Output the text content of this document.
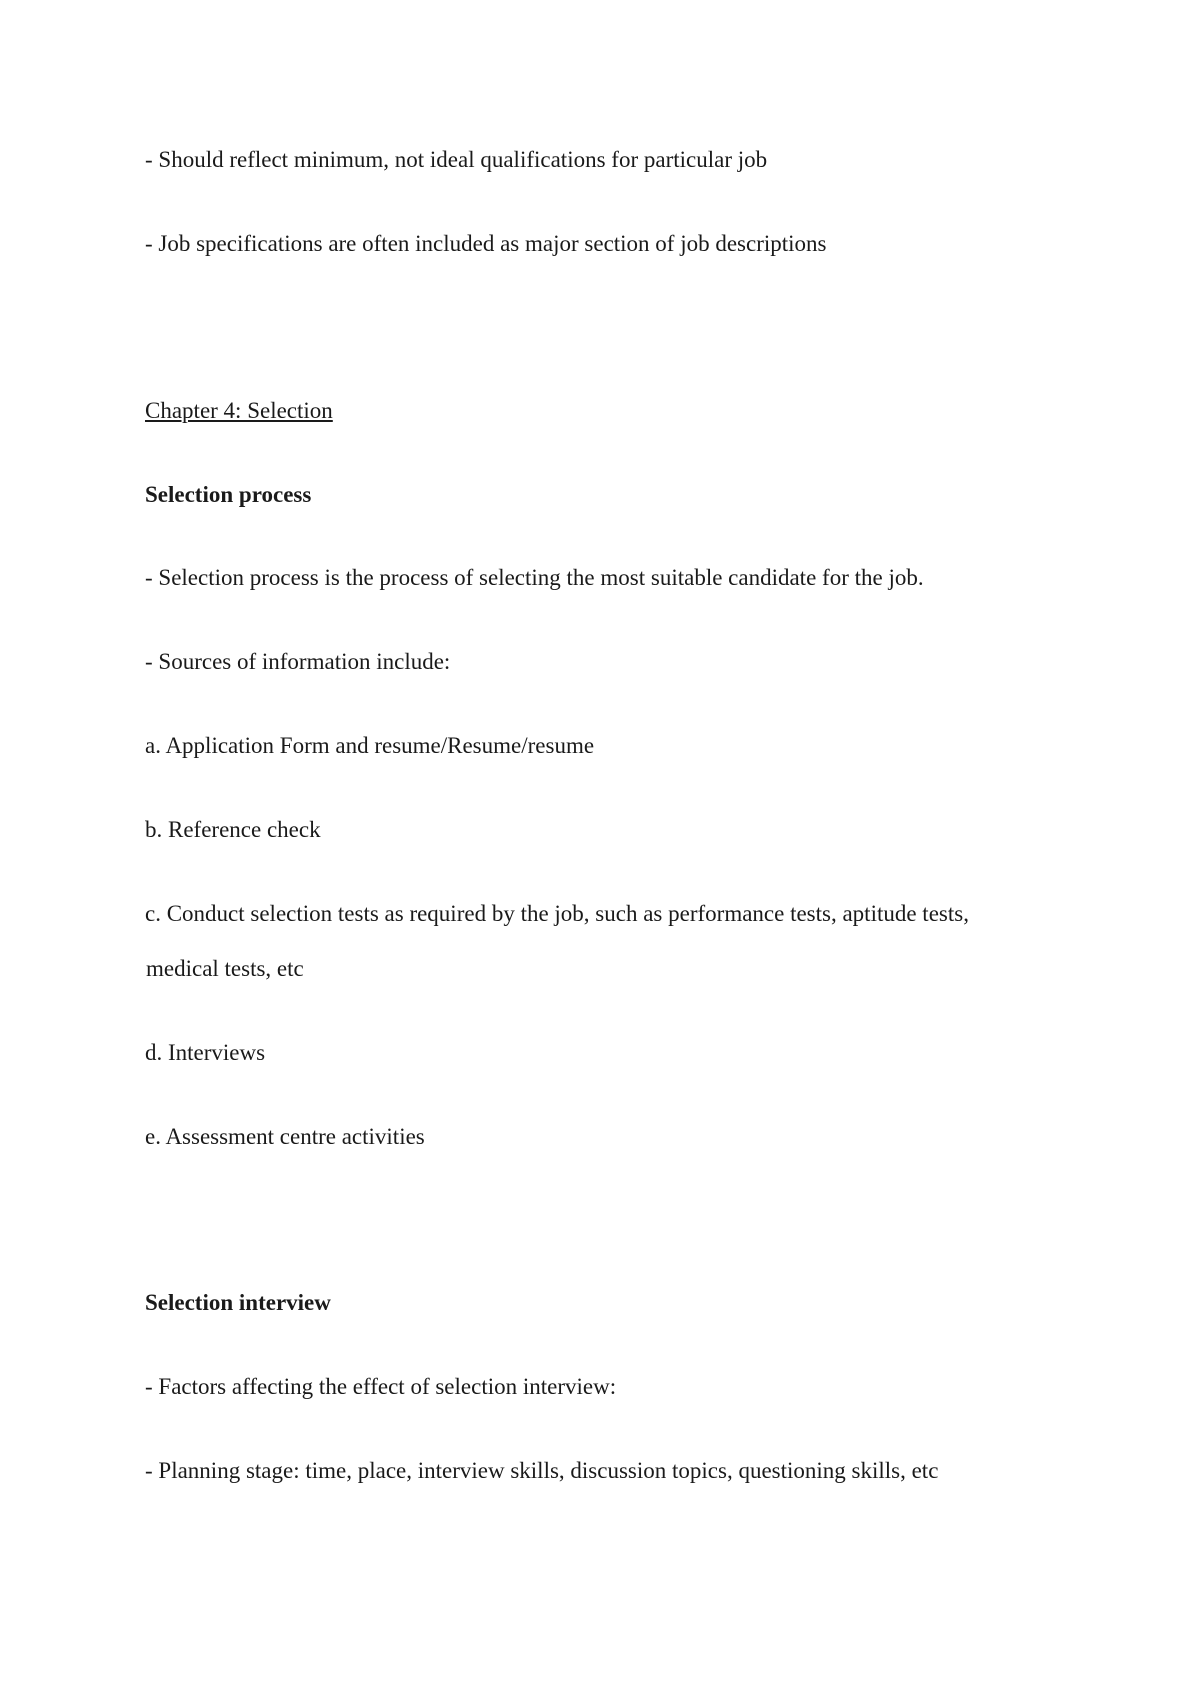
- Should reflect minimum, not ideal qualifications for particular job
- Job specifications are often included as major section of job descriptions
Chapter 4: Selection
Selection process
- Selection process is the process of selecting the most suitable candidate for the job.
- Sources of information include:
a. Application Form and resume/Resume/resume
b. Reference check
c. Conduct selection tests as required by the job, such as performance tests, aptitude tests,
medical tests, etc
d. Interviews
e. Assessment centre activities
Selection interview
- Factors affecting the effect of selection interview:
- Planning stage: time, place, interview skills, discussion topics, questioning skills, etc
